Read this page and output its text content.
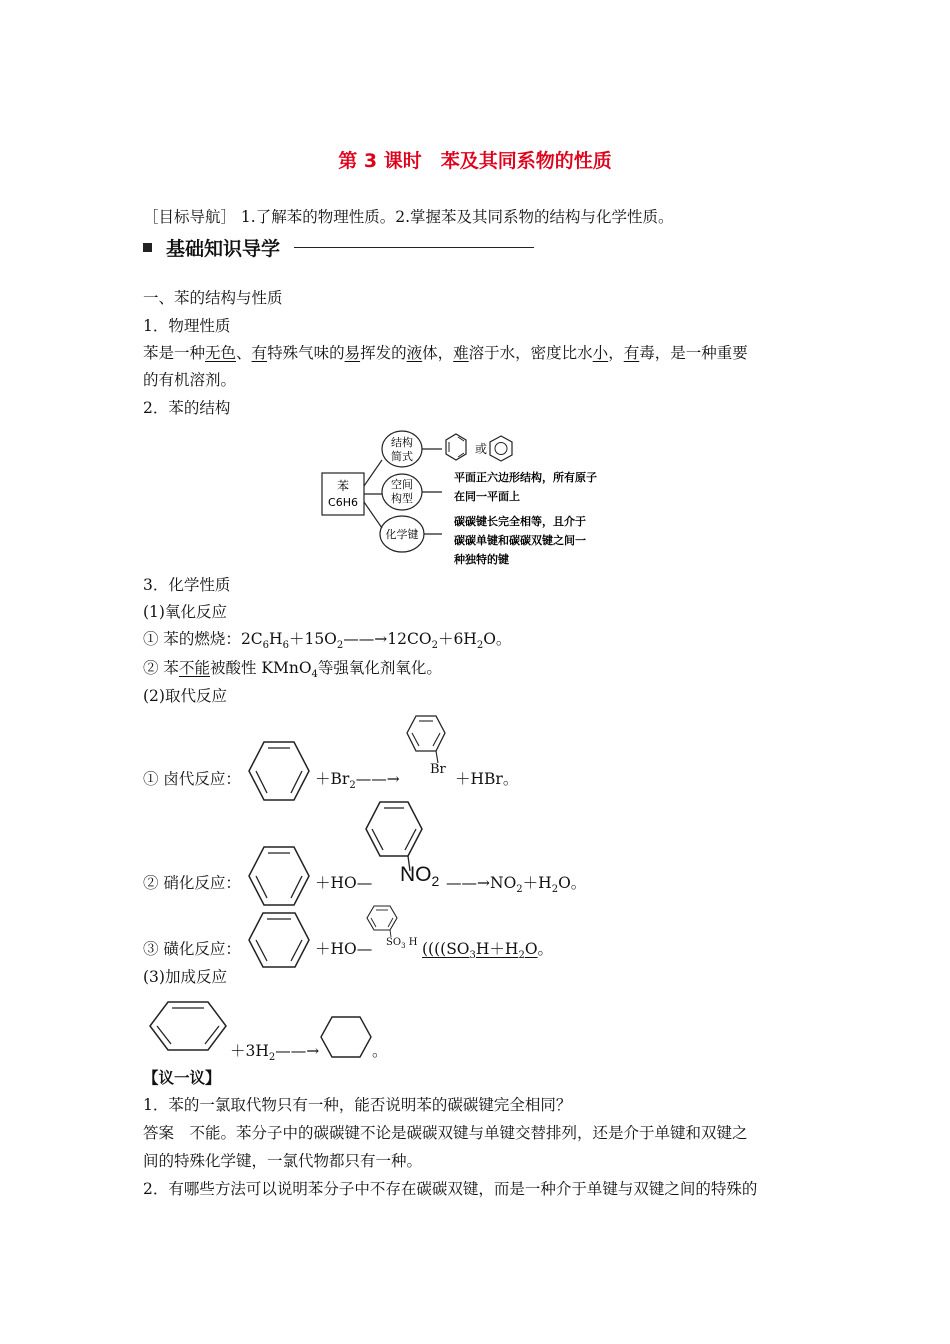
第 3 课时　苯及其同系物的性质
［目标导航］ 1.了解苯的物理性质。2.掌握苯及其同系物的结构与化学性质。
基础知识导学
一、苯的结构与性质
1．物理性质
苯是一种无色、有特殊气味的易挥发的液体，难溶于水，密度比水小，有毒，是一种重要
的有机溶剂。
2．苯的结构
苯
C6H6
结构
简式
空间
构型
化学键
或
平面正六边形结构，所有原子
在同一平面上
碳碳键长完全相等，且介于
碳碳单键和碳碳双键之间一
种独特的键
3．化学性质
(1)氧化反应
① 苯的燃烧：$2C_6H_6+15O_2——\to 12CO_2+6H_2O$。
② 苯不能被酸性 KMnO$_4$等强氧化剂氧化。
(2)取代反应
① 卤代反应：	$+Br_2——\to$
Br
＋HBr。
② 硝化反应：	＋HO— $NO_2$ $——\to NO_2+H_2O$。
③ 磺化反应：	＋HO— $SO_3$ H (((($SO_3H+H_2O$。
(3)加成反应
$+3H_2——\to$	。
【议一议】
1．苯的一氯取代物只有一种，能否说明苯的碳碳键完全相同？
答案　不能。苯分子中的碳碳键不论是碳碳双键与单键交替排列，还是介于单键和双键之
间的特殊化学键，一氯代物都只有一种。
2．有哪些方法可以说明苯分子中不存在碳碳双键，而是一种介于单键与双键之间的特殊的
